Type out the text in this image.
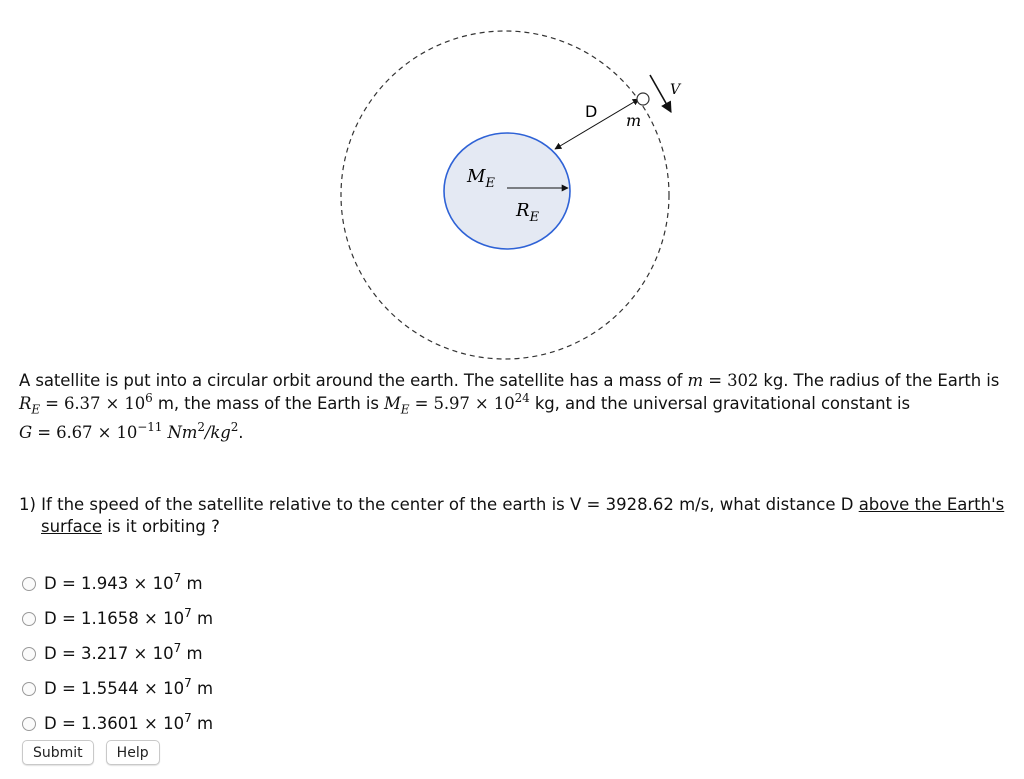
$M_E$
$R_E$
D m
V
A satellite is put into a circular orbit around the earth. The satellite has a mass of m = 302 kg. The radius of the Earth is $R_E = 6.37 \times 10^6$ m, the mass of the Earth is $M_E = 5.97 \times 10^{24}$ kg, and the universal gravitational constant is
$G = 6.67 \times 10^{-11}$ $Nm^2/kg^2$.
1) If the speed of the satellite relative to the center of the earth is V = 3928.62 m/s, what distance D above the Earth's
surface is it orbiting ?
$D = 1.943 \times 10^7$ m
$D = 1.1658 \times 10^7$ m
$D = 3.217 \times 10^7$ m
$D = 1.5544 \times 10^7$ m
$D = 1.3601 \times 10^7$ m
Submit	Help
